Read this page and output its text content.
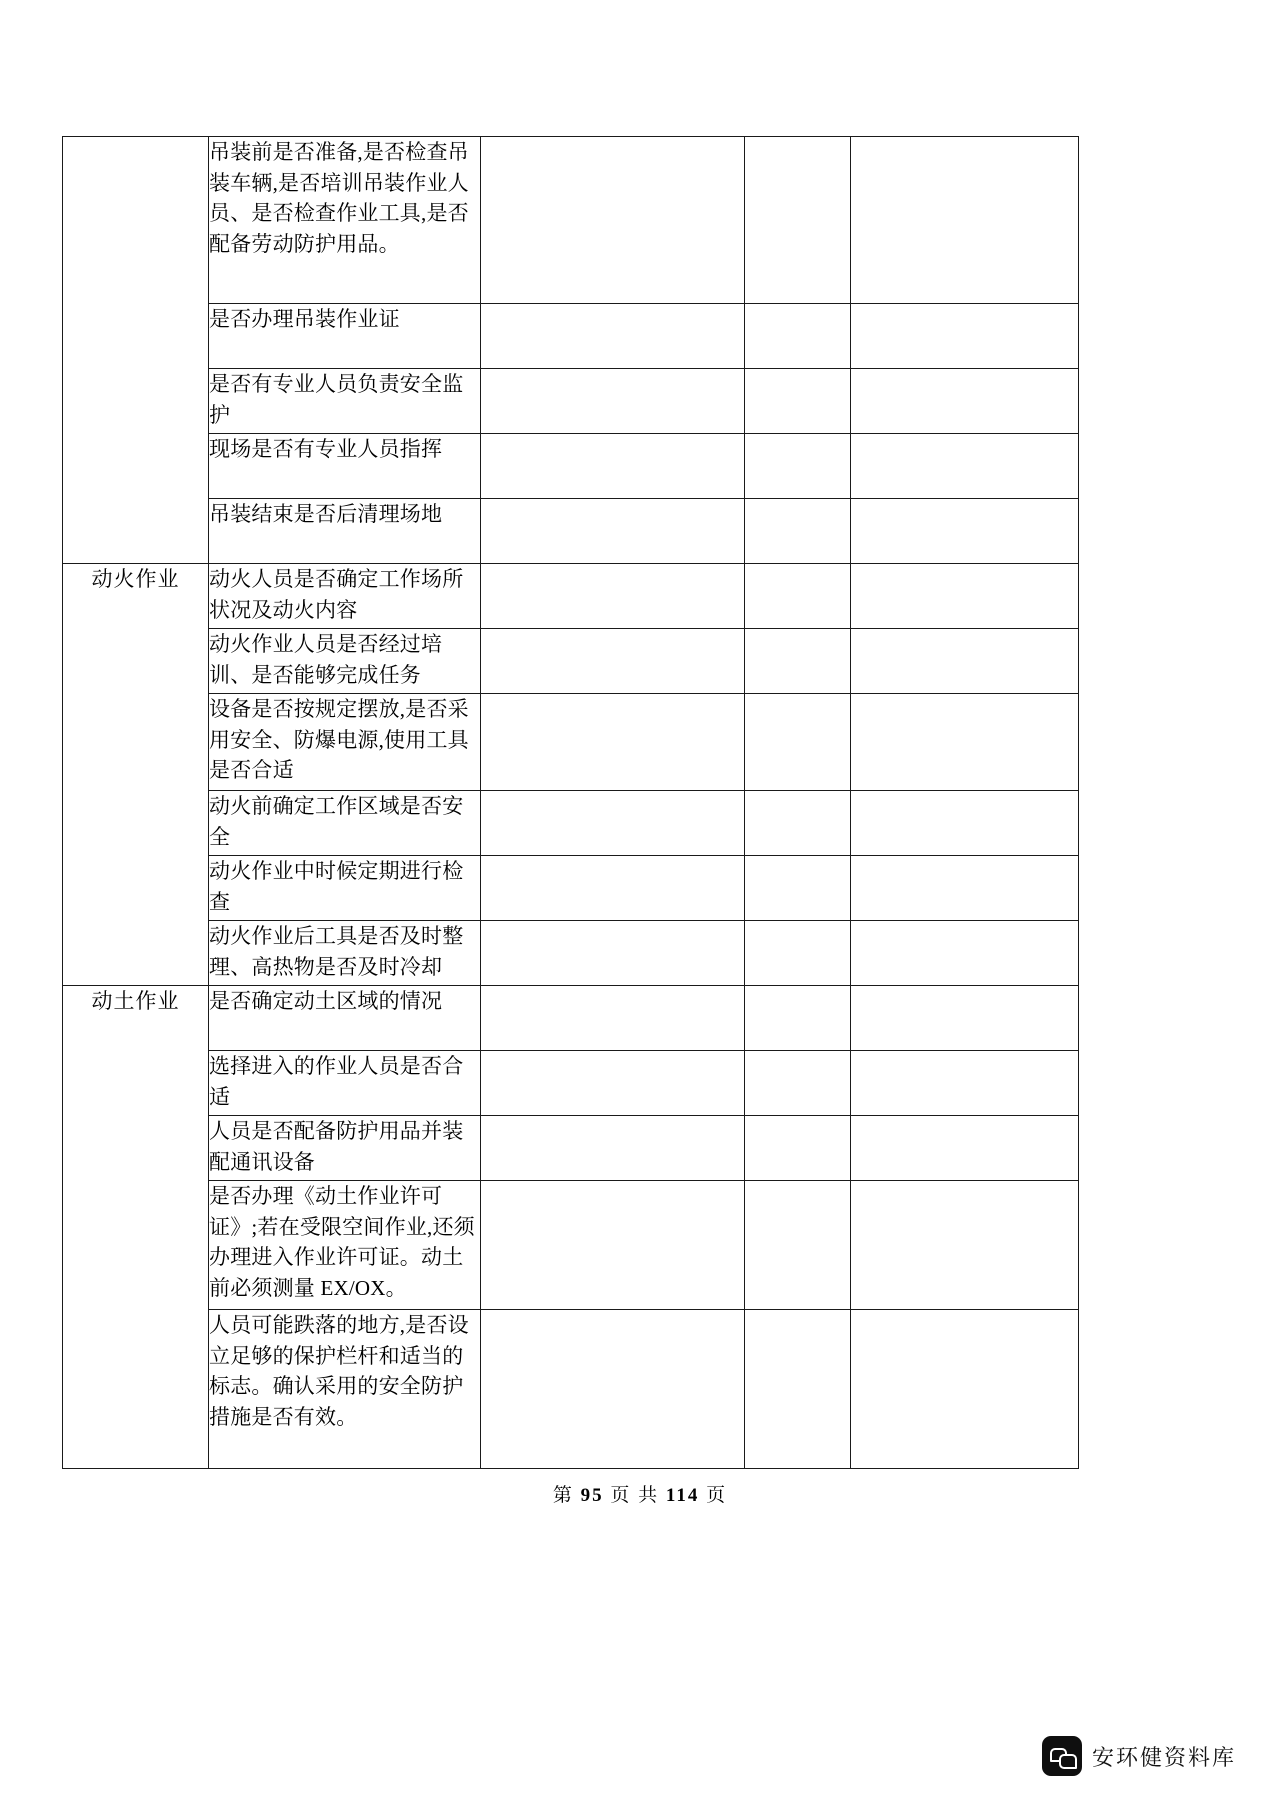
	吊装前是否准备,是否检查吊装车辆,是否培训吊装作业人员、是否检查作业工具,是否配备劳动防护用品。			
	是否办理吊装作业证			
	是否有专业人员负责安全监护			
	现场是否有专业人员指挥			
	吊装结束是否后清理场地			
动火作业	动火人员是否确定工作场所状况及动火内容			
	动火作业人员是否经过培训、是否能够完成任务			
	设备是否按规定摆放,是否采用安全、防爆电源,使用工具是否合适			
	动火前确定工作区域是否安全			
	动火作业中时候定期进行检查			
	动火作业后工具是否及时整理、高热物是否及时冷却			
动土作业	是否确定动土区域的情况			
	选择进入的作业人员是否合适			
	人员是否配备防护用品并装配通讯设备			
	是否办理《动土作业许可证》;若在受限空间作业,还须办理进入作业许可证。动土前必须测量 EX/OX。			
	人员可能跌落的地方,是否设立足够的保护栏杆和适当的标志。确认采用的安全防护措施是否有效。			
第 95 页 共 114 页
安环健资料库
